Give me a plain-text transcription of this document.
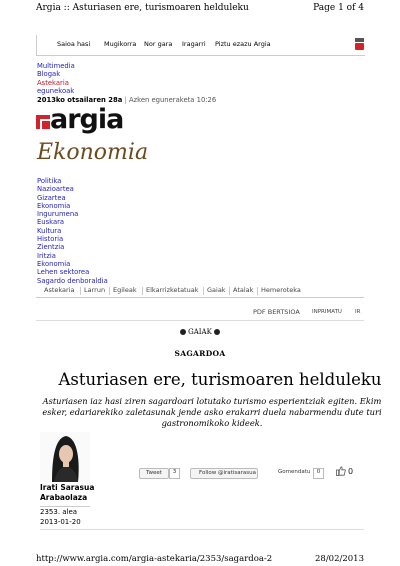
Argia :: Asturiasen ere, turismoaren helduleku	Page 1 of 4
Saioa hasi Mugikorra Nor gara Iragarri Piztu ezazu Argia
Multimedia
Blogak
Astekaria
egunekoak
2013ko otsailaren 28a | Azken eguneraketa 10:26
argia
Ekonomia
Politika
Nazioartea
Gizartea
Ekonomia
Ingurumena
Euskara
Kultura
Historia
Zientzia
Iritzia
Ekonomia
Lehen sektorea
Sagardo denboraldia
Astekaria Larrun Egileak Elkarrizketatuak Gaiak Atalak Hemeroteka
PDF BERTSIOA INPRIMATU IR
GAIAK
SAGARDOA
Asturiasen ere, turismoaren helduleku
Asturiasen iaz hasi ziren sagardoari lotutako turismo esperientziak egiten. Ekim
esker, edariarekiko zaletasunak jende asko erakarri duela nabarmendu dute turi
gastronomikoko kideek.
Irati Sarasua
Arabaolaza
2353. alea
2013-01-20
Tweet	3	Follow @iratisarasua	Gomendatu	0	0
http://www.argia.com/argia-astekaria/2353/sagardoa-2	28/02/2013
